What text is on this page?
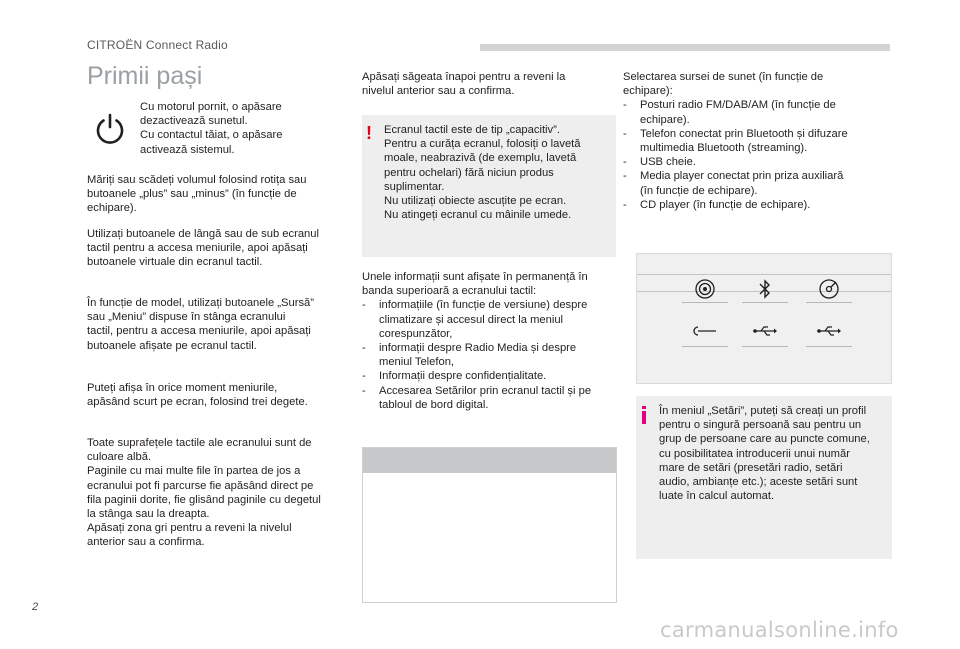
CITROËN Connect Radio
Primii pași
Cu motorul pornit, o apăsare
dezactivează sunetul.
Cu contactul tăiat, o apăsare
activează sistemul.
Măriți sau scădeți volumul folosind rotița sau
butoanele „plus” sau „minus” (în funcție de
echipare).
Utilizați butoanele de lângă sau de sub ecranul
tactil pentru a accesa meniurile, apoi apăsați
butoanele virtuale din ecranul tactil.
În funcție de model, utilizați butoanele „Sursă”
sau „Meniu” dispuse în stânga ecranului
tactil, pentru a accesa meniurile, apoi apăsați
butoanele afișate pe ecranul tactil.
Puteți afișa în orice moment meniurile,
apăsând scurt pe ecran, folosind trei degete.
Toate suprafețele tactile ale ecranului sunt de
culoare albă.
Paginile cu mai multe file în partea de jos a
ecranului pot fi parcurse fie apăsând direct pe
fila paginii dorite, fie glisând paginile cu degetul
la stânga sau la dreapta.
Apăsați zona gri pentru a reveni la nivelul
anterior sau a confirma.
Apăsați săgeata înapoi pentru a reveni la
nivelul anterior sau a confirma.
! Ecranul tactil este de tip „capacitiv”.
Pentru a curăța ecranul, folosiți o lavetă
moale, neabrazivă (de exemplu, lavetă
pentru ochelari) fără niciun produs
suplimentar.
Nu utilizați obiecte ascuțite pe ecran.
Nu atingeți ecranul cu mâinile umede.
Unele informații sunt afișate în permanență în
banda superioară a ecranului tactil:
- informațiile (în funcție de versiune) despre
climatizare și accesul direct la meniul
corespunzător,
- informații despre Radio Media și despre
meniul Telefon,
- Informații despre confidențialitate.
- Accesarea Setărilor prin ecranul tactil și pe
tabloul de bord digital.
Selectarea sursei de sunet (în funcție de
echipare):
- Posturi radio FM/DAB/AM (în funcție de
echipare).
- Telefon conectat prin Bluetooth și difuzare
multimedia Bluetooth (streaming).
- USB cheie.
- Media player conectat prin priza auxiliară
(în funcție de echipare).
- CD player (în funcție de echipare).
În meniul „Setări”, puteți să creați un profil
pentru o singură persoană sau pentru un
grup de persoane care au puncte comune,
cu posibilitatea introducerii unui număr
mare de setări (presetări radio, setări
audio, ambianțe etc.); aceste setări sunt
luate în calcul automat.
2
carmanualsonline.info
